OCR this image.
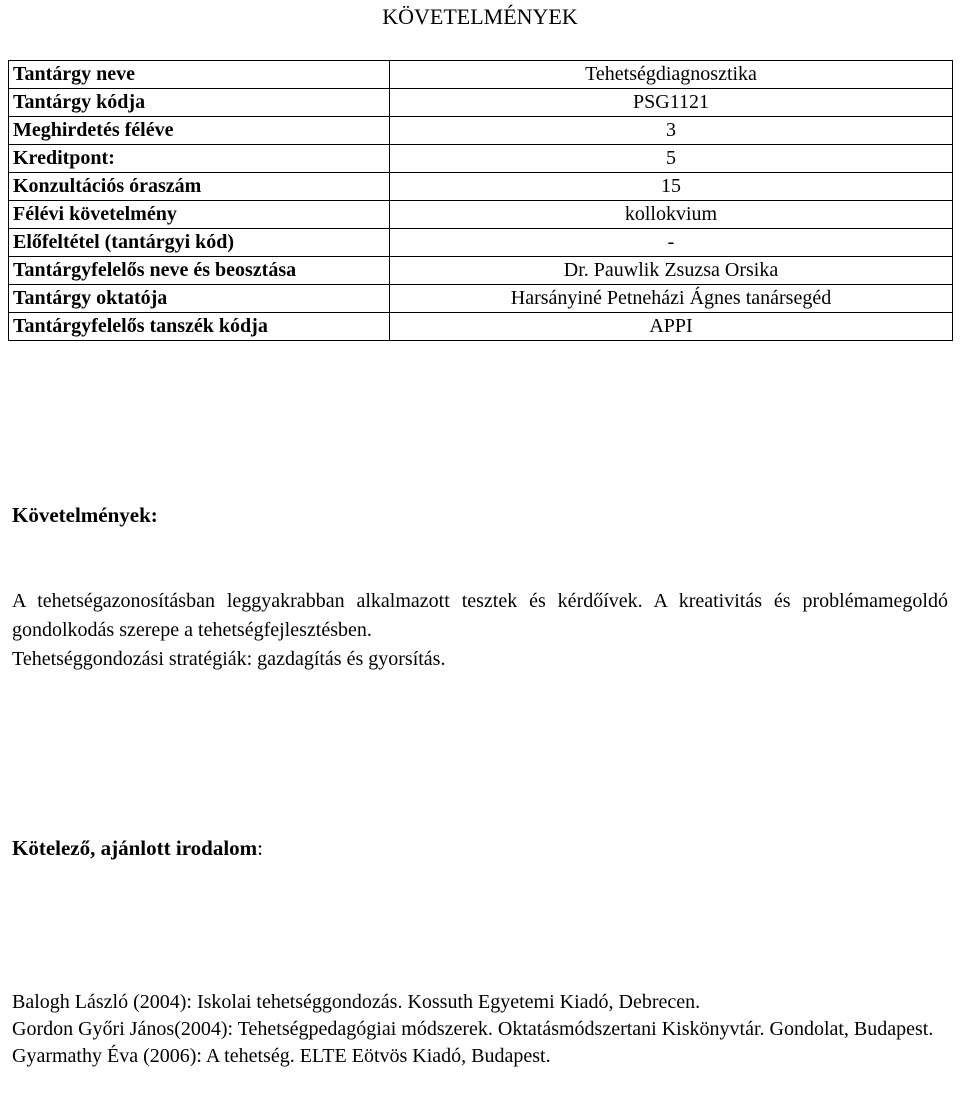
KÖVETELMÉNYEK
Tantárgy neve	Tehetségdiagnosztika
Tantárgy kódja	PSG1121
Meghirdetés féléve	3
Kreditpont:	5
Konzultációs óraszám	15
Félévi követelmény	kollokvium
Előfeltétel (tantárgyi kód)	-
Tantárgyfelelős neve és beosztása	Dr. Pauwlik Zsuzsa Orsika
Tantárgy oktatója	Harsányiné Petneházi Ágnes tanársegéd
Tantárgyfelelős tanszék kódja	APPI
Követelmények:

A tehetségazonosításban leggyakrabban alkalmazott tesztek és kérdőívek. A kreativitás és problémamegoldó gondolkodás szerepe a tehetségfejlesztésben.

Tehetséggondozási stratégiák: gazdagítás és gyorsítás.

Kötelező, ajánlott irodalom:

Balogh László (2004): Iskolai tehetséggondozás. Kossuth Egyetemi Kiadó, Debrecen.

Gordon Győri János(2004): Tehetségpedagógiai módszerek. Oktatásmódszertani Kiskönyvtár. Gondolat, Budapest.

Gyarmathy Éva (2006): A tehetség. ELTE Eötvös Kiadó, Budapest.
